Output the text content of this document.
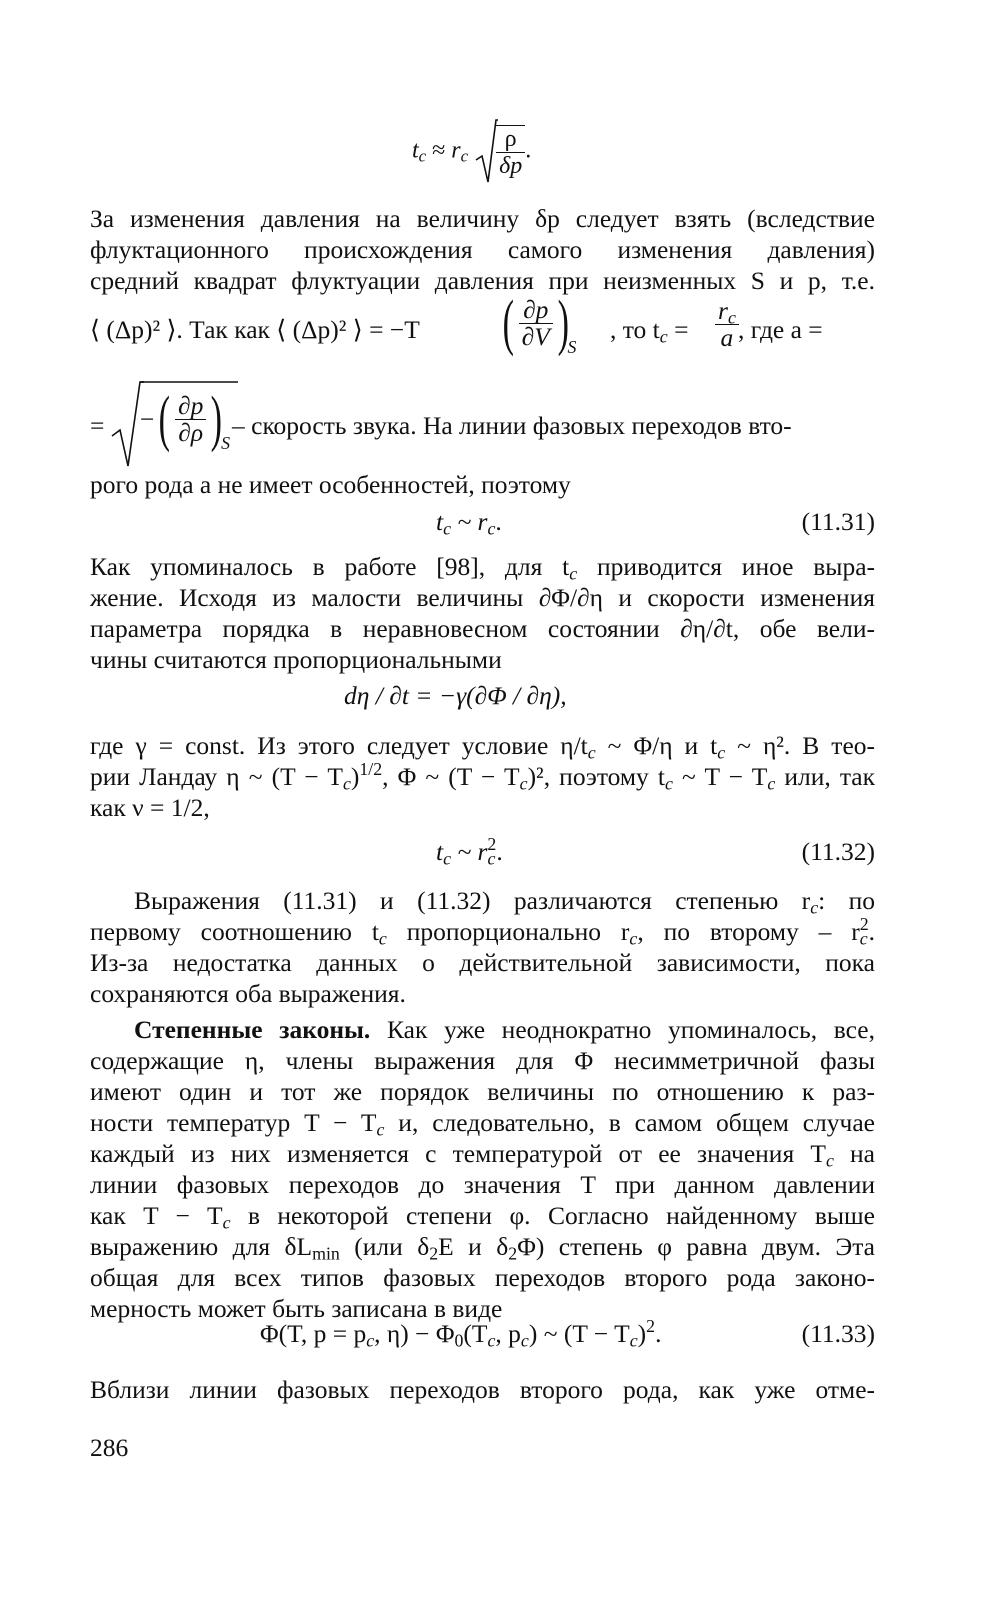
$t_c \approx r_c \frac{\rho}{\delta p}$ .
За изменения давления на величину δp следует взять (вследствие
флуктационного происхождения самого изменения давления)
средний квадрат флуктуации давления при неизменных S и p, т.е.
⟨ (Δp)² ⟩. Так как ⟨ (Δp)² ⟩ = −T ( $\frac{\partial p}{\partial V} )_S$
, то $t_c = \frac{r_c}{a}$ , где a =
= −( $\frac{\partial p}{\partial\rho} )_S$
– скорость звука. На линии фазовых переходов вто-
рого рода a не имеет особенностей, поэтому
$t_c$ ~ $r_c$.	(11.31)
Как упоминалось в работе [98], для $t_c$ приводится иное выра-
жение. Исходя из малости величины ∂Φ/∂η и скорости изменения
параметра порядка в неравновесном состоянии ∂η/∂t, обе вели-
чины считаются пропорциональными
dη / ∂t = −γ(∂Φ / ∂η),
где γ = const. Из этого следует условие $\eta/t_c$ ~ Φ/η и $t_c$ ~ η². В тео-
рии Ландау η ~ $(T - T_c)^{1/2}$, Φ ~ $(T - T_c)^2$, поэтому $t_c$ ~ $T - T_c$ или, так
как ν = 1/2,
$t_c$ ~ $r_c^2$.	(11.32)
Выражения (11.31) и (11.32) различаются степенью $r_c$: по
первому соотношению $t_c$ пропорционально $r_c$, по второму – $r_c^2$.
Из-за недостатка данных о действительной зависимости, пока
сохраняются оба выражения.
Степенные законы. Как уже неоднократно упоминалось, все,
содержащие η, члены выражения для Φ несимметричной фазы
имеют один и тот же порядок величины по отношению к раз-
ности температур $T - T_c$ и, следовательно, в самом общем случае
каждый из них изменяется с температурой от ее значения $T_c$ на
линии фазовых переходов до значения T при данном давлении
как $T - T_c$ в некоторой степени φ. Согласно найденному выше
выражению для $\delta L_{min}$ (или $\delta_2E$ и $\delta_2\Phi$) степень φ равна двум. Эта
общая для всех типов фазовых переходов второго рода законо-
мерность может быть записана в виде
Φ(T, $p = p_c$, $\eta) - \Phi_0(T_c$, $p_c$) ~ $(T - T_c)^2$.	(11.33)
Вблизи линии фазовых переходов второго рода, как уже отме-
286
